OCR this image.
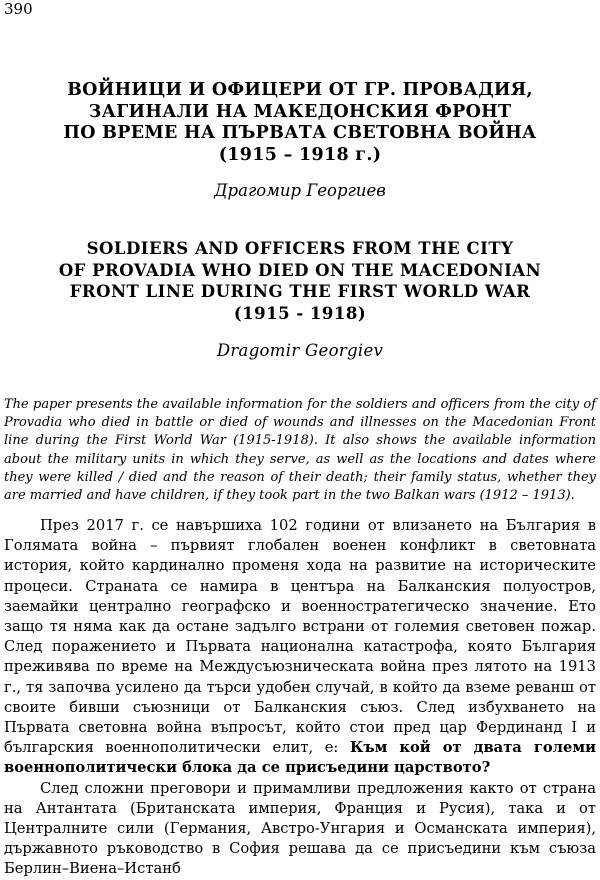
390
ВОЙНИЦИ И ОФИЦЕРИ ОТ ГР. ПРОВАДИЯ,
ЗАГИНАЛИ НА МАКЕДОНСКИЯ ФРОНТ
ПО ВРЕМЕ НА ПЪРВАТА СВЕТОВНА ВОЙНА
(1915 – 1918 г.)
Драгомир Георгиев
SOLDIERS AND OFFICERS FROM THE CITY
OF PROVADIA WHO DIED ON THE MACEDONIAN
FRONT LINE DURING THE FIRST WORLD WAR
(1915 - 1918)
Dragomir Georgiev
The paper presents the available information for the soldiers and officers from the city of Provadia who died in battle or died of wounds and illnesses on the Macedonian Front line during the First World War (1915-1918). It also shows the available information about the military units in which they serve, as well as the locations and dates where they were killed / died and the reason of their death; their family status, whether they are married and have children, if they took part in the two Balkan wars (1912 – 1913).

През 2017 г. се навършиха 102 години от влизането на България в Голямата война – първият глобален военен конфликт в световната история, който кардинално променя хода на развитие на историческите процеси. Страната се намира в центъра на Балканския полуостров, заемайки централно географско и военностратегическо значение. Ето защо тя няма как да остане задълго встрани от големия световен пожар. След поражението и Първата национална катастрофа, която България преживява по време на Междусъюзническата война през лятото на 1913 г., тя започва усилено да търси удобен случай, в който да вземе реванш от своите бивши съюзници от Балканския съюз. След избухването на Първата световна война въпросът, който стои пред цар Фердинанд I и българския военнополитически елит, е: Към кой от двата големи военнополитически блока да се присъедини царството?

След сложни преговори и примамливи предложения както от страна на Антантата (Британската империя, Франция и Русия), така и от Централните сили (Германия, Австро-Унгария и Османската империя), държавното ръководство в София решава да се присъедини към съюза Берлин–Виена–Истанб
